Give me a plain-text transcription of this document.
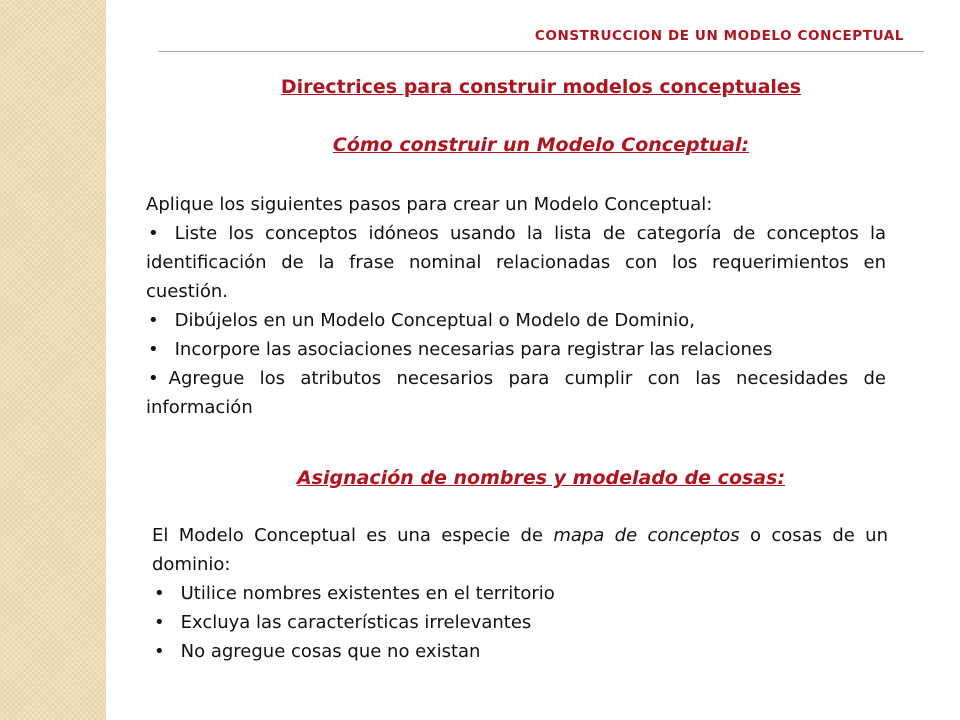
CONSTRUCCION DE UN MODELO CONCEPTUAL
Directrices para construir modelos conceptuales
Cómo construir un Modelo Conceptual:

Aplique los siguientes pasos para crear un Modelo Conceptual:

• Liste los conceptos idóneos usando la lista de categoría de conceptos la

identificación de la frase nominal relacionadas con los requerimientos en

cuestión.

• Dibújelos en un Modelo Conceptual o Modelo de Dominio,

• Incorpore las asociaciones necesarias para registrar las relaciones

• Agregue los atributos necesarios para cumplir con las necesidades de

información

Asignación de nombres y modelado de cosas:

El Modelo Conceptual es una especie de mapa de conceptos o cosas de un

dominio:

• Utilice nombres existentes en el territorio

• Excluya las características irrelevantes

• No agregue cosas que no existan
